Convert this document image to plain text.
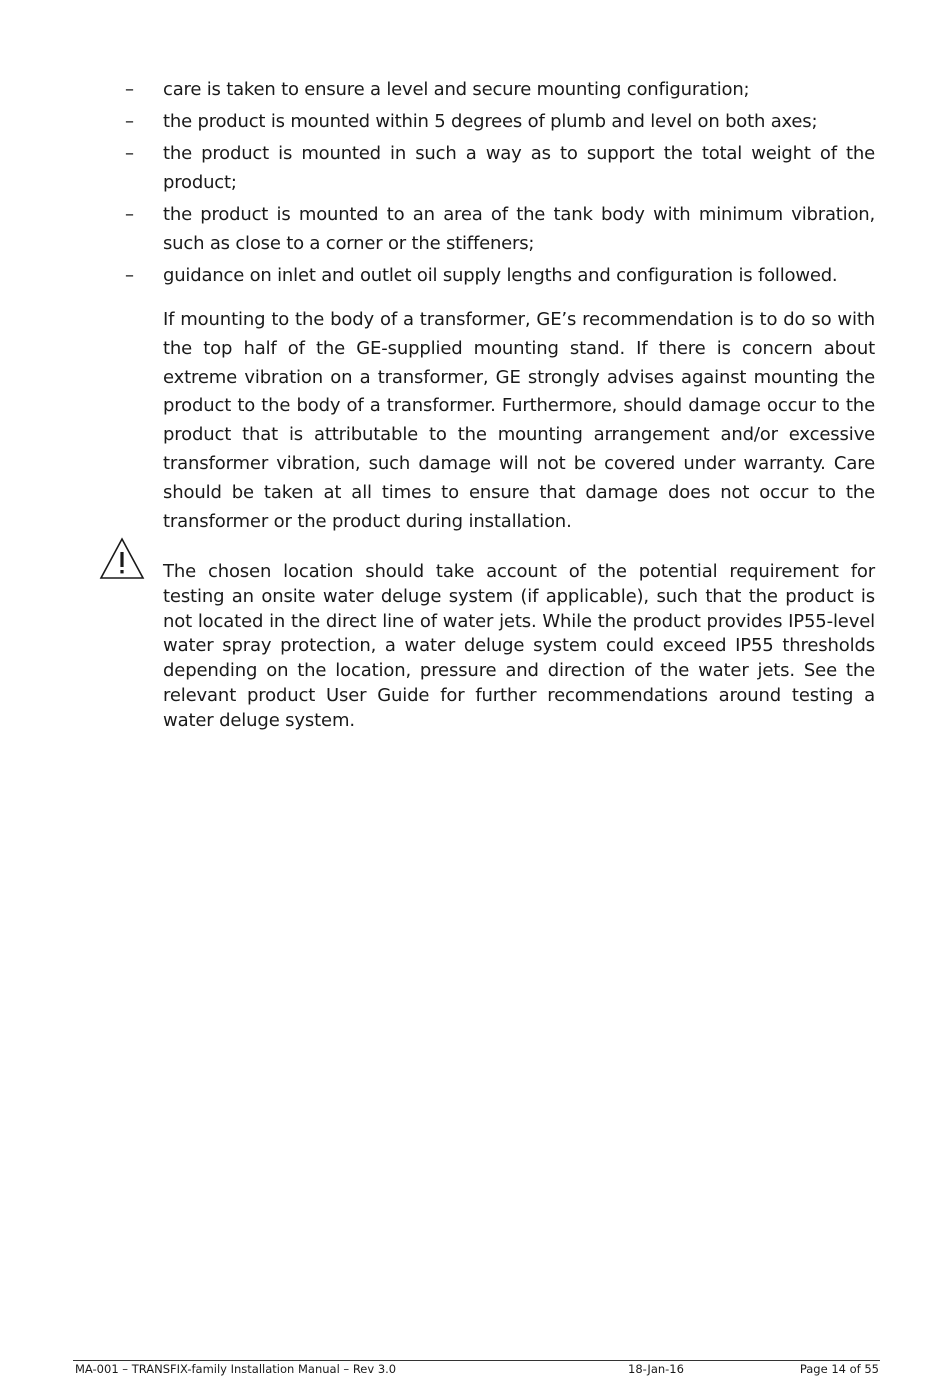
– care is taken to ensure a level and secure mounting configuration;
– the product is mounted within 5 degrees of plumb and level on both axes;
– the product is mounted in such a way as to support the total weight of the product;
– the product is mounted to an area of the tank body with minimum vibration, such as close to a corner or the stiffeners;
– guidance on inlet and outlet oil supply lengths and configuration is followed.

If mounting to the body of a transformer, GE’s recommendation is to do so with the top half of the GE-supplied mounting stand. If there is concern about extreme vibration on a transformer, GE strongly advises against mounting the product to the body of a transformer. Furthermore, should damage occur to the product that is attributable to the mounting arrangement and/or excessive transformer vibration, such damage will not be covered under warranty. Care should be taken at all times to ensure that damage does not occur to the transformer or the product during installation.

The chosen location should take account of the potential requirement for testing an onsite water deluge system (if applicable), such that the product is not located in the direct line of water jets. While the product provides IP55-level water spray protection, a water deluge system could exceed IP55 thresholds depending on the location, pressure and direction of the water jets. See the relevant product User Guide for further recommendations around testing a water deluge system.

MA-001 – TRANSFIX-family Installation Manual – Rev 3.0	18-Jan-16	Page 14 of 55
